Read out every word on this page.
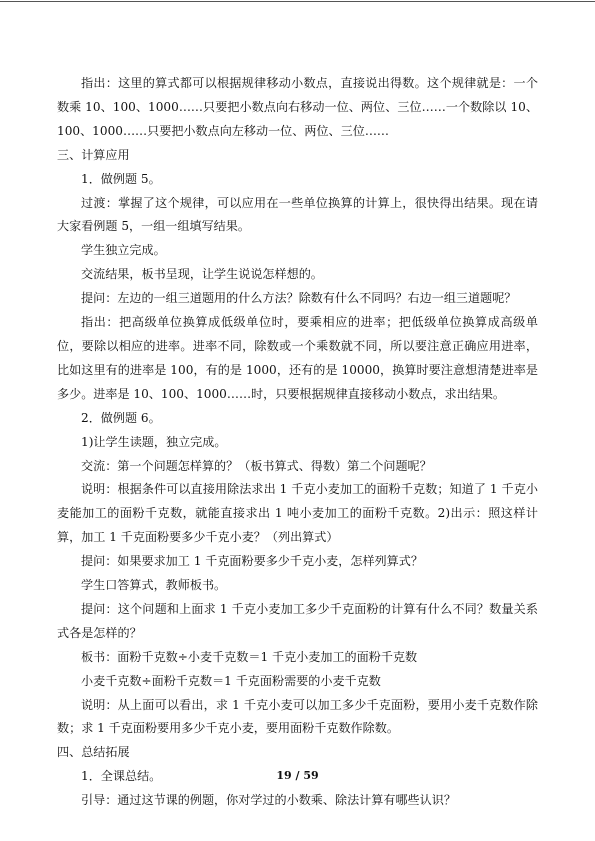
指出：这里的算式都可以根据规律移动小数点，直接说出得数。这个规律就是：一个数乘 10、100、1000……只要把小数点向右移动一位、两位、三位……一个数除以 10、100、1000……只要把小数点向左移动一位、两位、三位……

三、计算应用

1．做例题 5。

过渡：掌握了这个规律，可以应用在一些单位换算的计算上，很快得出结果。现在请大家看例题 5，一组一组填写结果。

学生独立完成。

交流结果，板书呈现，让学生说说怎样想的。

提问：左边的一组三道题用的什么方法？除数有什么不同吗？右边一组三道题呢？

指出：把高级单位换算成低级单位时，要乘相应的进率；把低级单位换算成高级单位，要除以相应的进率。进率不同，除数或一个乘数就不同，所以要注意正确应用进率，比如这里有的进率是 100，有的是 1000，还有的是 10000，换算时要注意想清楚进率是多少。进率是 10、100、1000……时，只要根据规律直接移动小数点，求出结果。

2．做例题 6。

1)让学生读题，独立完成。

交流：第一个问题怎样算的？（板书算式、得数）第二个问题呢？

说明：根据条件可以直接用除法求出 1 千克小麦加工的面粉千克数；知道了 1 千克小麦能加工的面粉千克数，就能直接求出 1 吨小麦加工的面粉千克数。2)出示：照这样计算，加工 1 千克面粉要多少千克小麦？（列出算式）

提问：如果要求加工 1 千克面粉要多少千克小麦，怎样列算式？

学生口答算式，教师板书。

提问：这个问题和上面求 1 千克小麦加工多少千克面粉的计算有什么不同？数量关系式各是怎样的？

板书：面粉千克数÷小麦千克数＝1 千克小麦加工的面粉千克数

小麦千克数÷面粉千克数＝1 千克面粉需要的小麦千克数

说明：从上面可以看出，求 1 千克小麦可以加工多少千克面粉，要用小麦千克数作除数；求 1 千克面粉要用多少千克小麦，要用面粉千克数作除数。

四、总结拓展

1．全课总结。

引导：通过这节课的例题，你对学过的小数乘、除法计算有哪些认识？

19 / 59
